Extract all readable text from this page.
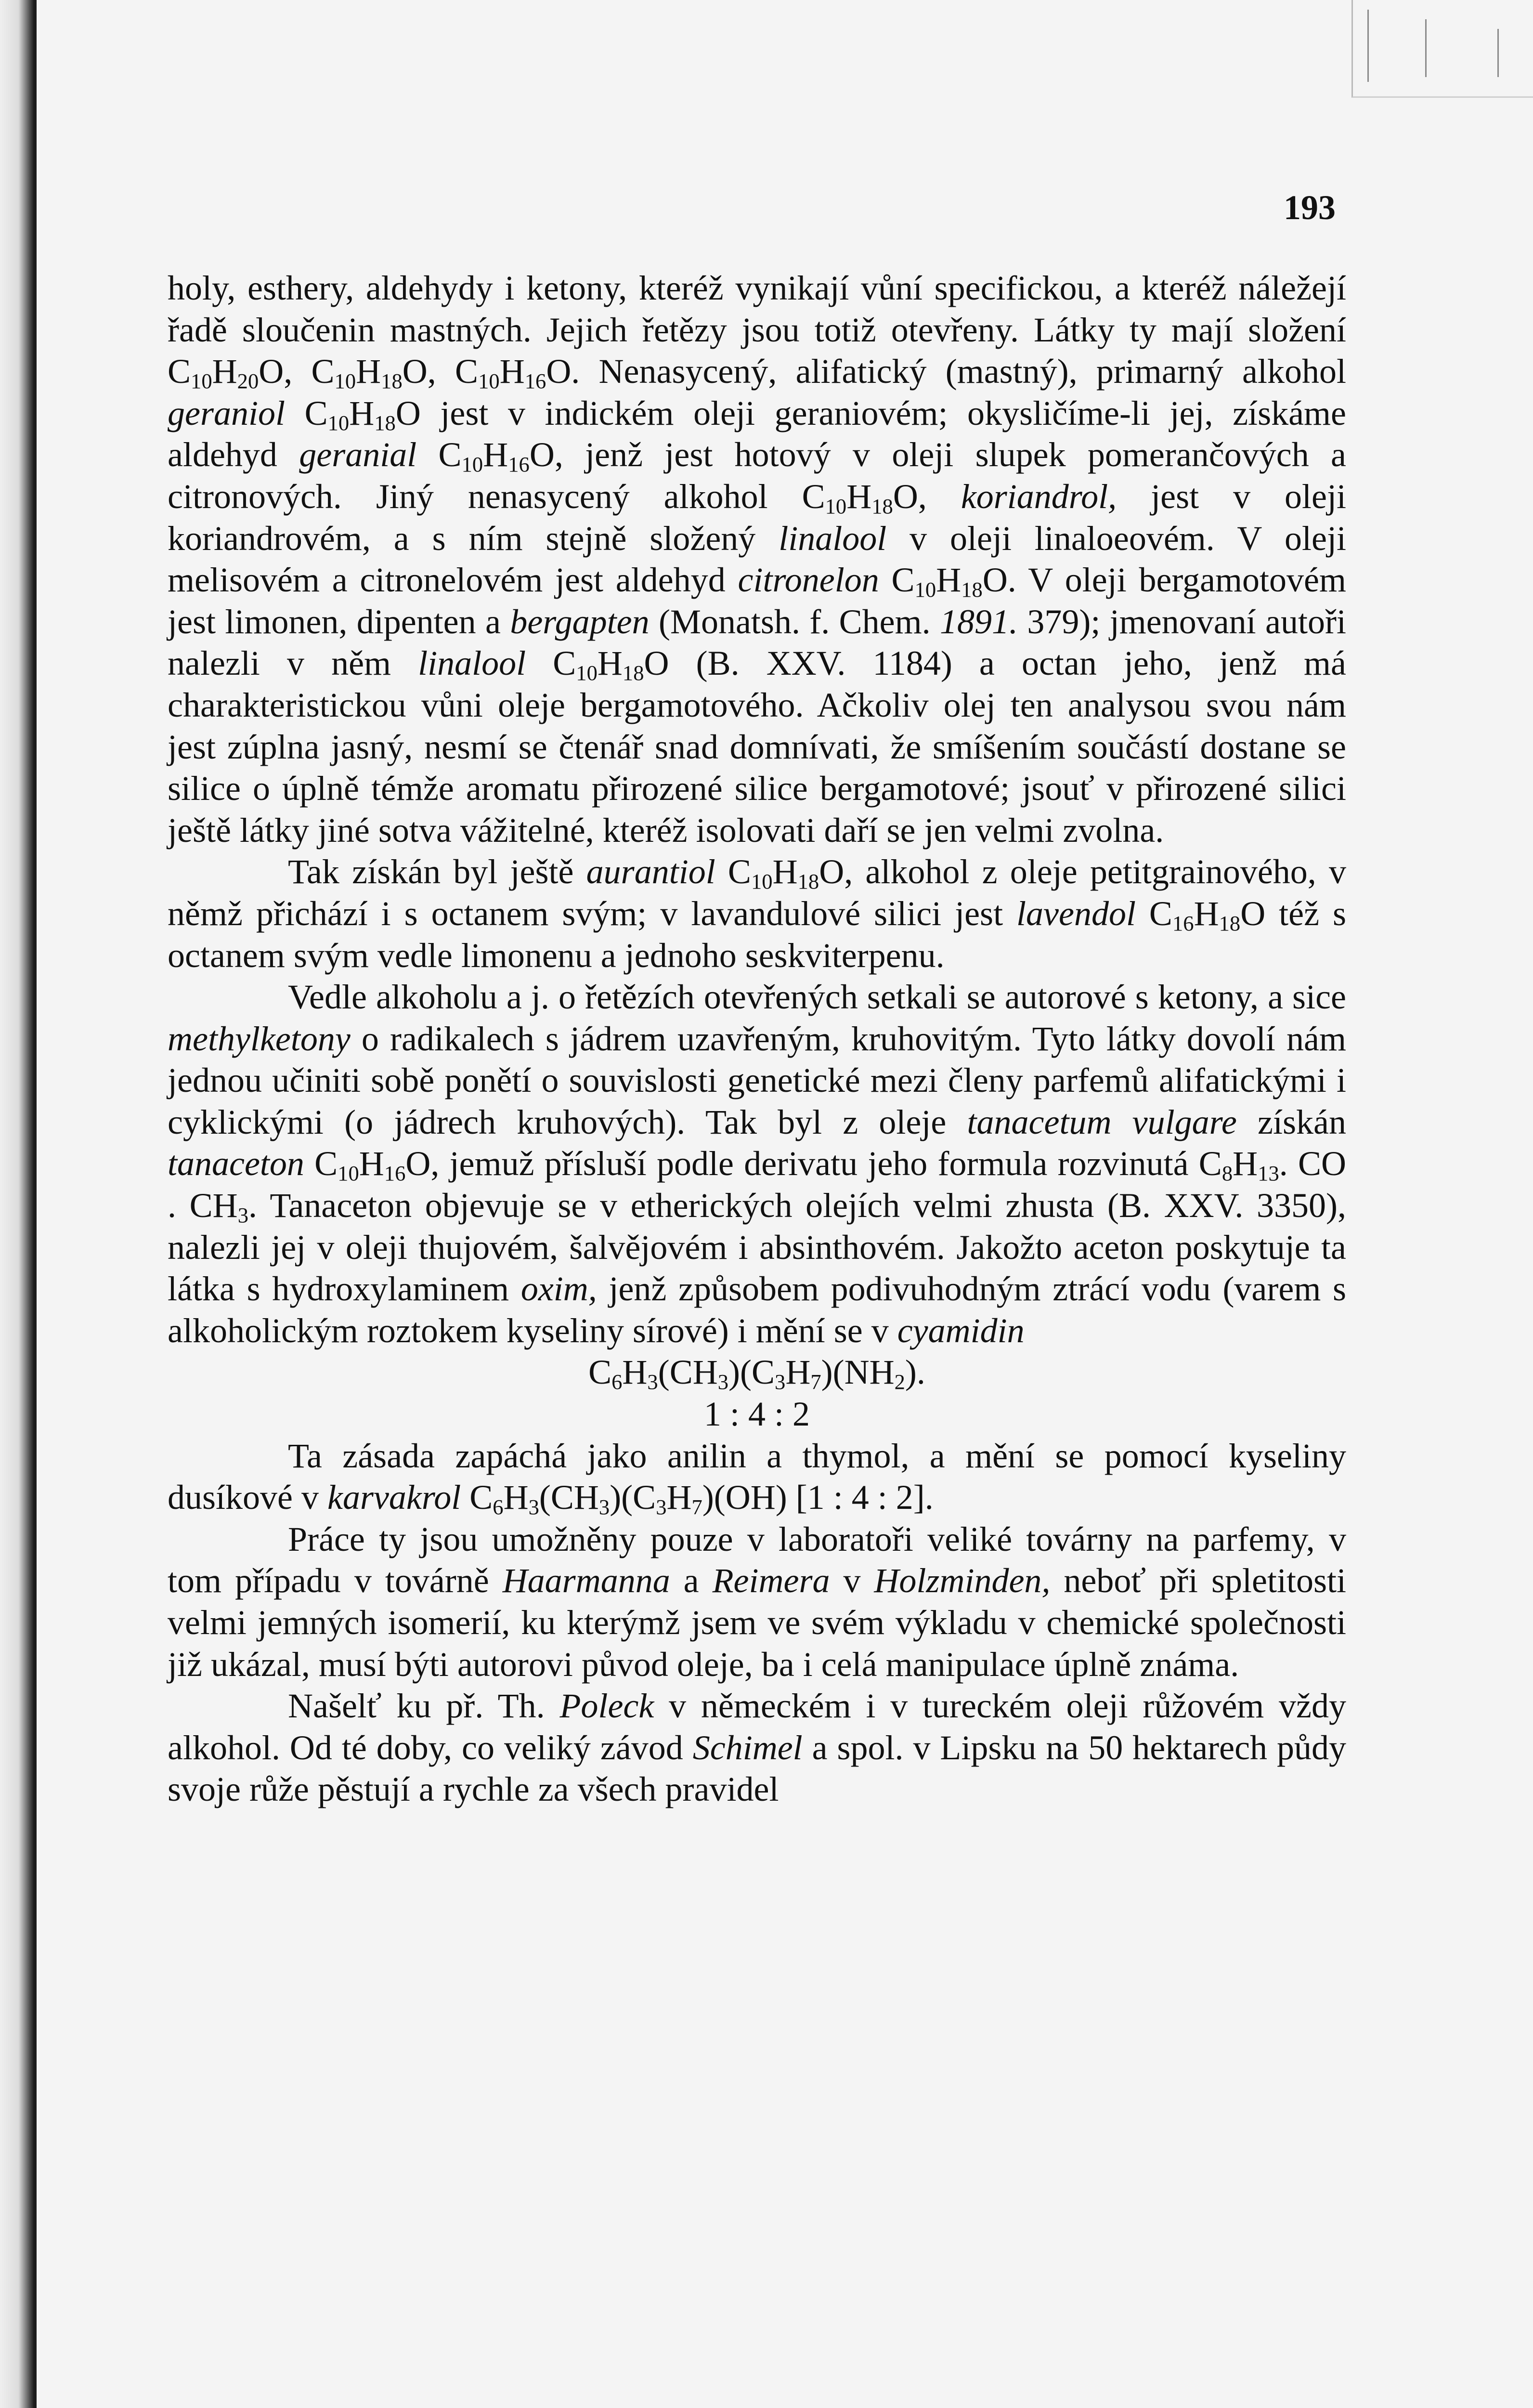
193

holy, esthery, aldehydy i ketony, kteréž vynikají vůní specifickou, a kteréž náležejí řadě sloučenin mastných. Jejich řetězy jsou totiž otevřeny. Látky ty mají složení $C_{10}H_{20}O$, $C_{10}H_{18}O$, $C_{10}H_{16}O$. Nenasycený, alifatický (mastný), primarný alkohol geraniol $C_{10}H_{18}O$ jest v indickém oleji geraniovém; okysličíme-li jej, získáme aldehyd geranial $C_{10}H_{16}O$, jenž jest hotový v oleji slupek pomerančových a citronových. Jiný nenasycený alkohol $C_{10}H_{18}O$, koriandrol, jest v oleji koriandrovém, a s ním stejně složený linalool v oleji linaloeovém. V oleji melisovém a citronelovém jest aldehyd citronelon $C_{10}H_{18}O$. V oleji bergamotovém jest limonen, dipenten a bergapten (Monatsh. f. Chem. 1891. 379); jmenovaní autoři nalezli v něm linalool $C_{10}H_{18}O$ (B. XXV. 1184) a octan jeho, jenž má charakteristickou vůni oleje bergamotového. Ačkoliv olej ten analysou svou nám jest zúplna jasný, nesmí se čtenář snad domnívati, že smíšením součástí dostane se silice o úplně témže aromatu přirozené silice bergamotové; jsouť v přirozené silici ještě látky jiné sotva vážitelné, kteréž isolovati daří se jen velmi zvolna.

Tak získán byl ještě aurantiol $C_{10}H_{18}O$, alkohol z oleje petitgrainového, v němž přichází i s octanem svým; v lavandulové silici jest lavendol $C_{16}H_{18}O$ též s octanem svým vedle limonenu a jednoho seskviterpenu.

Vedle alkoholu a j. o řetězích otevřených setkali se autorové s ketony, a sice methylketony o radikalech s jádrem uzavřeným, kruhovitým. Tyto látky dovolí nám jednou učiniti sobě ponětí o souvislosti genetické mezi členy parfemů alifatickými i cyklickými (o jádrech kruhových). Tak byl z oleje tanacetum vulgare získán tanaceton $C_{10}H_{16}O$, jemuž přísluší podle derivatu jeho formula rozvinutá $C_8H_{13}$. CO . $CH_3$. Tanaceton objevuje se v etherických olejích velmi zhusta (B. XXV. 3350), nalezli jej v oleji thujovém, šalvějovém i absinthovém. Jakožto aceton poskytuje ta látka s hydroxylaminem oxim, jenž způsobem podivuhodným ztrácí vodu (varem s alkoholickým roztokem kyseliny sírové) i mění se v cyamidin

$C_6H_3(CH_3)(C_3H_7)(NH_2)$.

1 : 4 : 2

Ta zásada zapáchá jako anilin a thymol, a mění se pomocí kyseliny dusíkové v karvakrol $C_6H_3(CH_3)(C_3H_7)(OH)$ [1 : 4 : 2].

Práce ty jsou umožněny pouze v laboratoři veliké továrny na parfemy, v tom případu v továrně Haarmanna a Reimera v Holzminden, neboť při spletitosti velmi jemných isomerií, ku kterýmž jsem ve svém výkladu v chemické společnosti již ukázal, musí býti autorovi původ oleje, ba i celá manipulace úplně známa.

Našelť ku př. Th. Poleck v německém i v tureckém oleji růžovém vždy alkohol. Od té doby, co veliký závod Schimel a spol. v Lipsku na 50 hektarech půdy svoje růže pěstují a rychle za všech pravidel
